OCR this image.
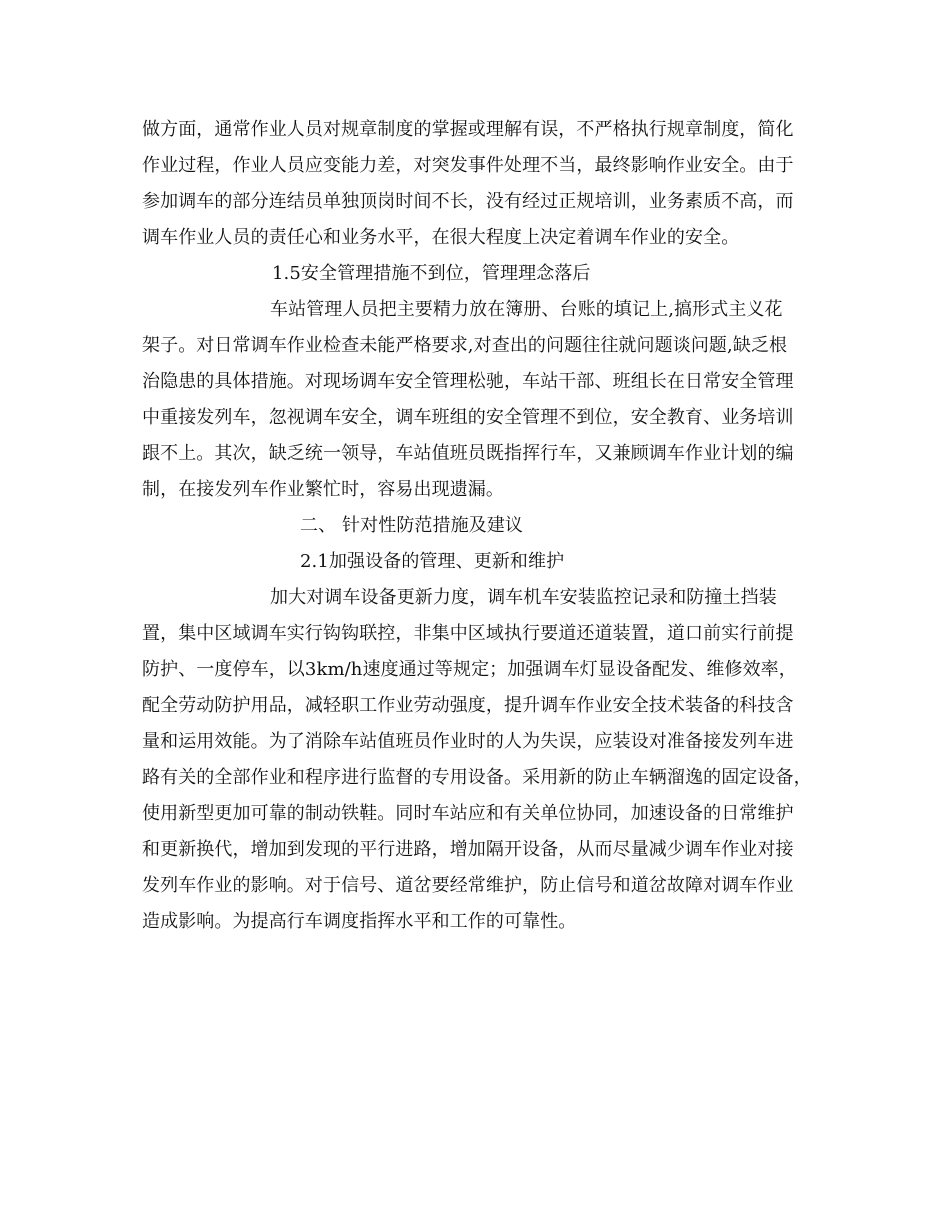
做方面，通常作业人员对规章制度的掌握或理解有误，不严格执行规章制度，简化
作业过程，作业人员应变能力差，对突发事件处理不当，最终影响作业安全。由于
参加调车的部分连结员单独顶岗时间不长，没有经过正规培训，业务素质不高，而
调车作业人员的责任心和业务水平，在很大程度上决定着调车作业的安全。
1.5安全管理措施不到位，管理理念落后
车站管理人员把主要精力放在簿册、台账的填记上,搞形式主义花
架子。对日常调车作业检查未能严格要求,对查出的问题往往就问题谈问题,缺乏根
治隐患的具体措施。对现场调车安全管理松驰，车站干部、班组长在日常安全管理
中重接发列车，忽视调车安全，调车班组的安全管理不到位，安全教育、业务培训
跟不上。其次，缺乏统一领导，车站值班员既指挥行车，又兼顾调车作业计划的编
制，在接发列车作业繁忙时，容易出现遗漏。
二、 针对性防范措施及建议
2.1加强设备的管理、更新和维护
加大对调车设备更新力度，调车机车安装监控记录和防撞土挡装
置，集中区域调车实行钩钩联控，非集中区域执行要道还道装置，道口前实行前提
防护、一度停车，以3km/h速度通过等规定；加强调车灯显设备配发、维修效率，
配全劳动防护用品，减轻职工作业劳动强度，提升调车作业安全技术装备的科技含
量和运用效能。为了消除车站值班员作业时的人为失误，应装设对准备接发列车进
路有关的全部作业和程序进行监督的专用设备。采用新的防止车辆溜逸的固定设备，
使用新型更加可靠的制动铁鞋。同时车站应和有关单位协同，加速设备的日常维护
和更新换代，增加到发现的平行进路，增加隔开设备，从而尽量减少调车作业对接
发列车作业的影响。对于信号、道岔要经常维护，防止信号和道岔故障对调车作业
造成影响。为提高行车调度指挥水平和工作的可靠性。
